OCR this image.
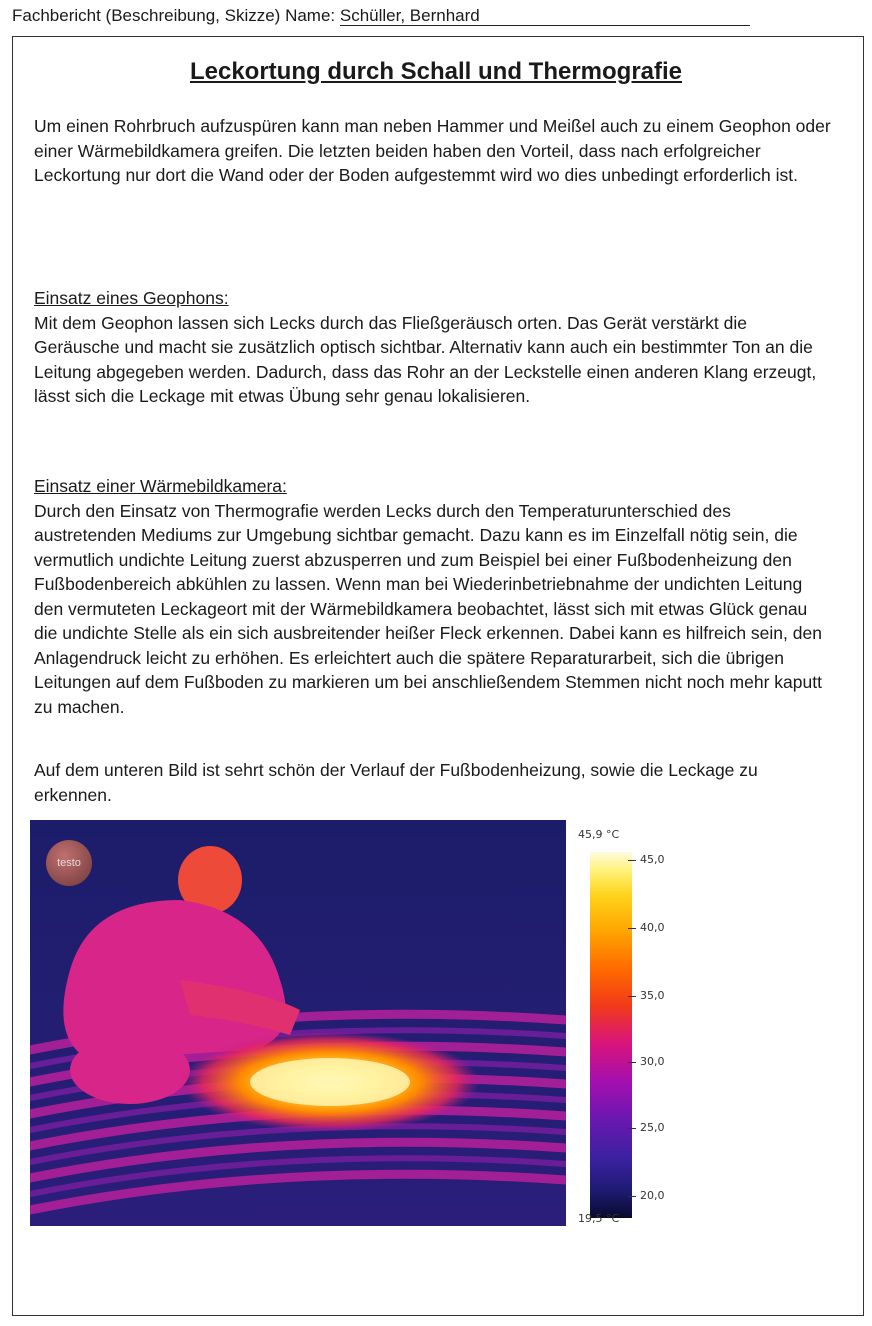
Fachbericht (Beschreibung, Skizze) Name: Schüller, Bernhard
Leckortung durch Schall und Thermografie

Um einen Rohrbruch aufzuspüren kann man neben Hammer und Meißel auch zu einem Geophon oder einer Wärmebildkamera greifen. Die letzten beiden haben den Vorteil, dass nach erfolgreicher Leckortung nur dort die Wand oder der Boden aufgestemmt wird wo dies unbedingt erforderlich ist.

Einsatz eines Geophons:
Mit dem Geophon lassen sich Lecks durch das Fließgeräusch orten. Das Gerät verstärkt die Geräusche und macht sie zusätzlich optisch sichtbar. Alternativ kann auch ein bestimmter Ton an die Leitung abgegeben werden. Dadurch, dass das Rohr an der Leckstelle einen anderen Klang erzeugt, lässt sich die Leckage mit etwas Übung sehr genau lokalisieren.

Einsatz einer Wärmebildkamera:
Durch den Einsatz von Thermografie werden Lecks durch den Temperaturunterschied des austretenden Mediums zur Umgebung sichtbar gemacht. Dazu kann es im Einzelfall nötig sein, die vermutlich undichte Leitung zuerst abzusperren und zum Beispiel bei einer Fußbodenheizung den Fußbodenbereich abkühlen zu lassen. Wenn man bei Wiederinbetriebnahme der undichten Leitung den vermuteten Leckageort mit der Wärmebildkamera beobachtet, lässt sich mit etwas Glück genau die undichte Stelle als ein sich ausbreitender heißer Fleck erkennen. Dabei kann es hilfreich sein, den Anlagendruck leicht zu erhöhen. Es erleichtert auch die spätere Reparaturarbeit, sich die übrigen Leitungen auf dem Fußboden zu markieren um bei anschließendem Stemmen nicht noch mehr kaputt zu machen.

Auf dem unteren Bild ist sehrt schön der Verlauf der Fußbodenheizung, sowie die Leckage zu erkennen.

testo
45,9 °C
45,0
40,0
35,0
30,0
25,0
20,0
19,5 °C
